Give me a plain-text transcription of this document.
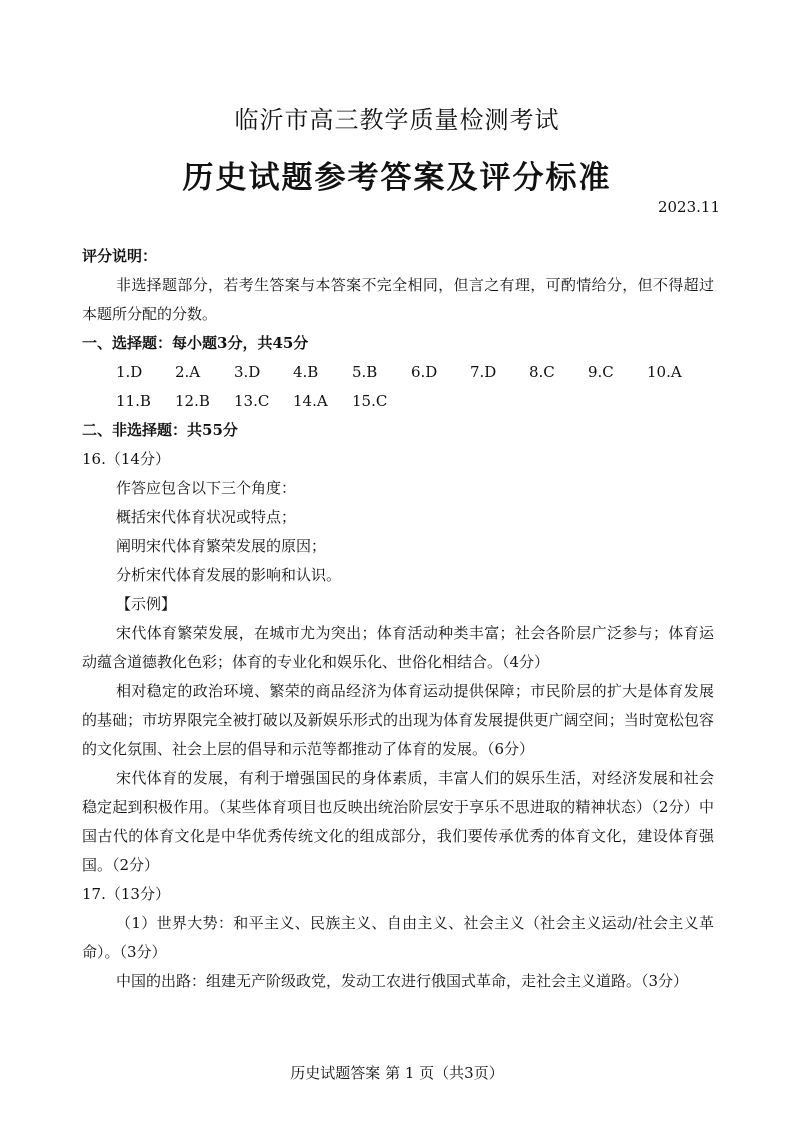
临沂市高三教学质量检测考试
历史试题参考答案及评分标准
2023.11
评分说明：
非选择题部分，若考生答案与本答案不完全相同，但言之有理，可酌情给分，但不得超过本题所分配的分数。
一、选择题：每小题3分，共45分
1.D	2.A	3.D	4.B	5.B	6.D	7.D	8.C	9.C	10.A
11.B	12.B	13.C	14.A	15.C
二、非选择题：共55分
16.（14分）
作答应包含以下三个角度：
概括宋代体育状况或特点；
阐明宋代体育繁荣发展的原因；
分析宋代体育发展的影响和认识。
【示例】
宋代体育繁荣发展，在城市尤为突出；体育活动种类丰富；社会各阶层广泛参与；体育运动蕴含道德教化色彩；体育的专业化和娱乐化、世俗化相结合。（4分）
相对稳定的政治环境、繁荣的商品经济为体育运动提供保障；市民阶层的扩大是体育发展的基础；市坊界限完全被打破以及新娱乐形式的出现为体育发展提供更广阔空间；当时宽松包容的文化氛围、社会上层的倡导和示范等都推动了体育的发展。（6分）
宋代体育的发展，有利于增强国民的身体素质，丰富人们的娱乐生活，对经济发展和社会稳定起到积极作用。（某些体育项目也反映出统治阶层安于享乐不思进取的精神状态）（2分）中国古代的体育文化是中华优秀传统文化的组成部分，我们要传承优秀的体育文化，建设体育强国。（2分）
17.（13分）
（1）世界大势：和平主义、民族主义、自由主义、社会主义（社会主义运动/社会主义革命）。（3分）
中国的出路：组建无产阶级政党，发动工农进行俄国式革命，走社会主义道路。（3分）
历史试题答案 第 1 页（共3页）
